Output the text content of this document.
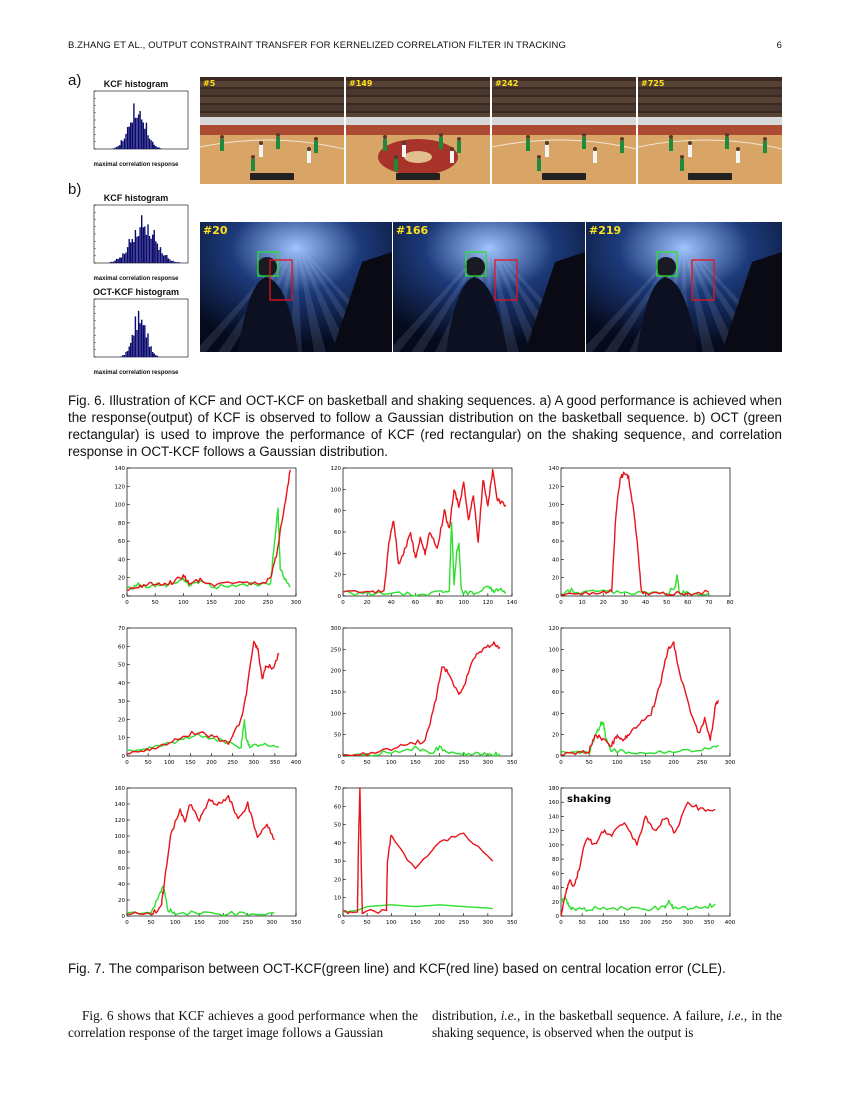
B.ZHANG ET AL., OUTPUT CONSTRAINT TRANSFER FOR KERNELIZED CORRELATION FILTER IN TRACKING	6
a)
b)
KCF histogram
maximal correlation response
KCF histogram
maximal correlation response
OCT-KCF histogram
maximal correlation response
#5	#149	#242	#725
#20	#166	#219
Fig. 6. Illustration of KCF and OCT-KCF on basketball and shaking sequences. a) A good performance is achieved when the response(output) of KCF is observed to follow a Gaussian distribution on the basketball sequence. b) OCT (green rectangular) is used to improve the performance of KCF (red rectangular) on the shaking sequence, and correlation response in OCT-KCF follows a Gaussian distribution.
0	50	100	150	200	250	300
0
20
40
60
80
100
120
140
0	20	40	60	80	100 120 140
0
20
40
60
80
100
120
0	10	20	30	40	50	60	70	80
0
20
40
60
80
100
120
140
0	50 100 150 200 250 300 350 400
0
10
20
30
40
50
60
70
0	50	100 150 200 250 300 350
0
50
100
150
200
250
300
0	50	100	150	200	250	300
0
20
40
60
80
100
120
0	50	100 150 200 250 300 350
0
20
40
60
80
100
120
140
160
0	50	100 150 200 250 300 350
0
10
20
30
40
50
60
70
0	50 100 150 200 250 300 350 400
0
20
40
60
80
100
120
140
160
180
shaking
Fig. 7. The comparison between OCT-KCF(green line) and KCF(red line) based on central location error (CLE).
Fig. 6 shows that KCF achieves a good performance when the correlation response of the target image follows a Gaussian
distribution, i.e., in the basketball sequence. A failure, i.e., in the shaking sequence, is observed when the output is
